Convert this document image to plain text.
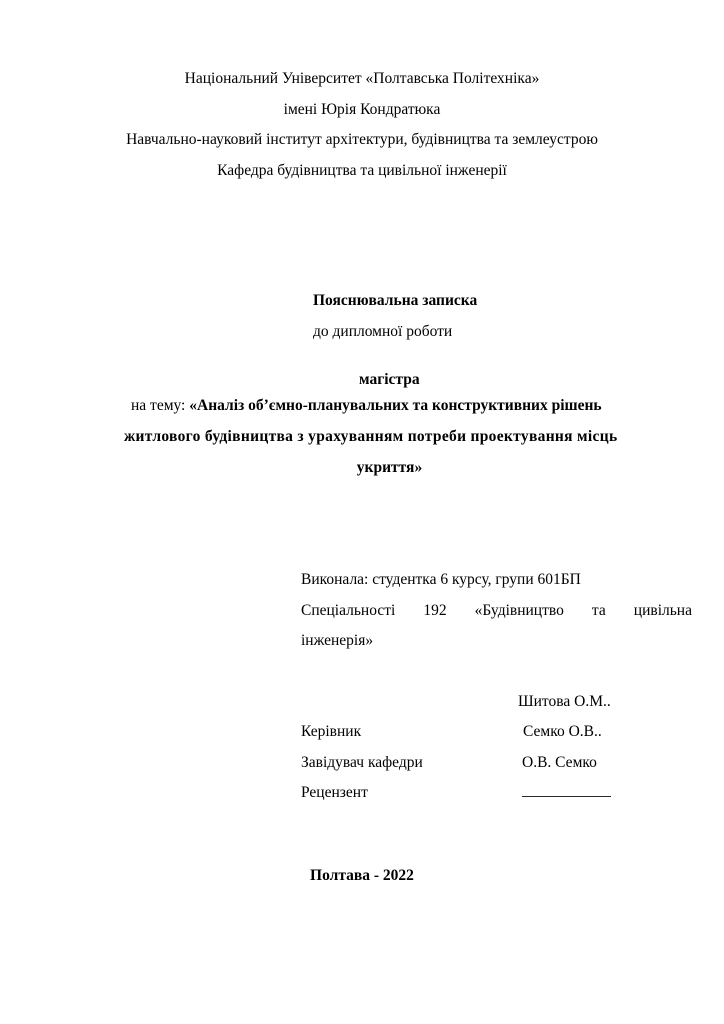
Національний Університет «Полтавська Політехніка»
імені Юрія Кондратюка
Навчально-науковий інститут архітектури, будівництва та землеустрою
Кафедра будівництва та цивільної інженерії
Пояснювальна записка
до дипломної роботи
магістра
на тему: «Аналіз об’ємно-планувальних та конструктивних рішень
житлового будівництва з урахуванням потреби проектування місць
укриття»
Виконала: студентка 6 курсу, групи 601БП
Спеціальності 192 «Будівництво та цивільна
інженерія»
Шитова О.М..
Керівник	Семко О.В..
Завідувач кафедри	О.В. Семко
Рецензент
Полтава - 2022
